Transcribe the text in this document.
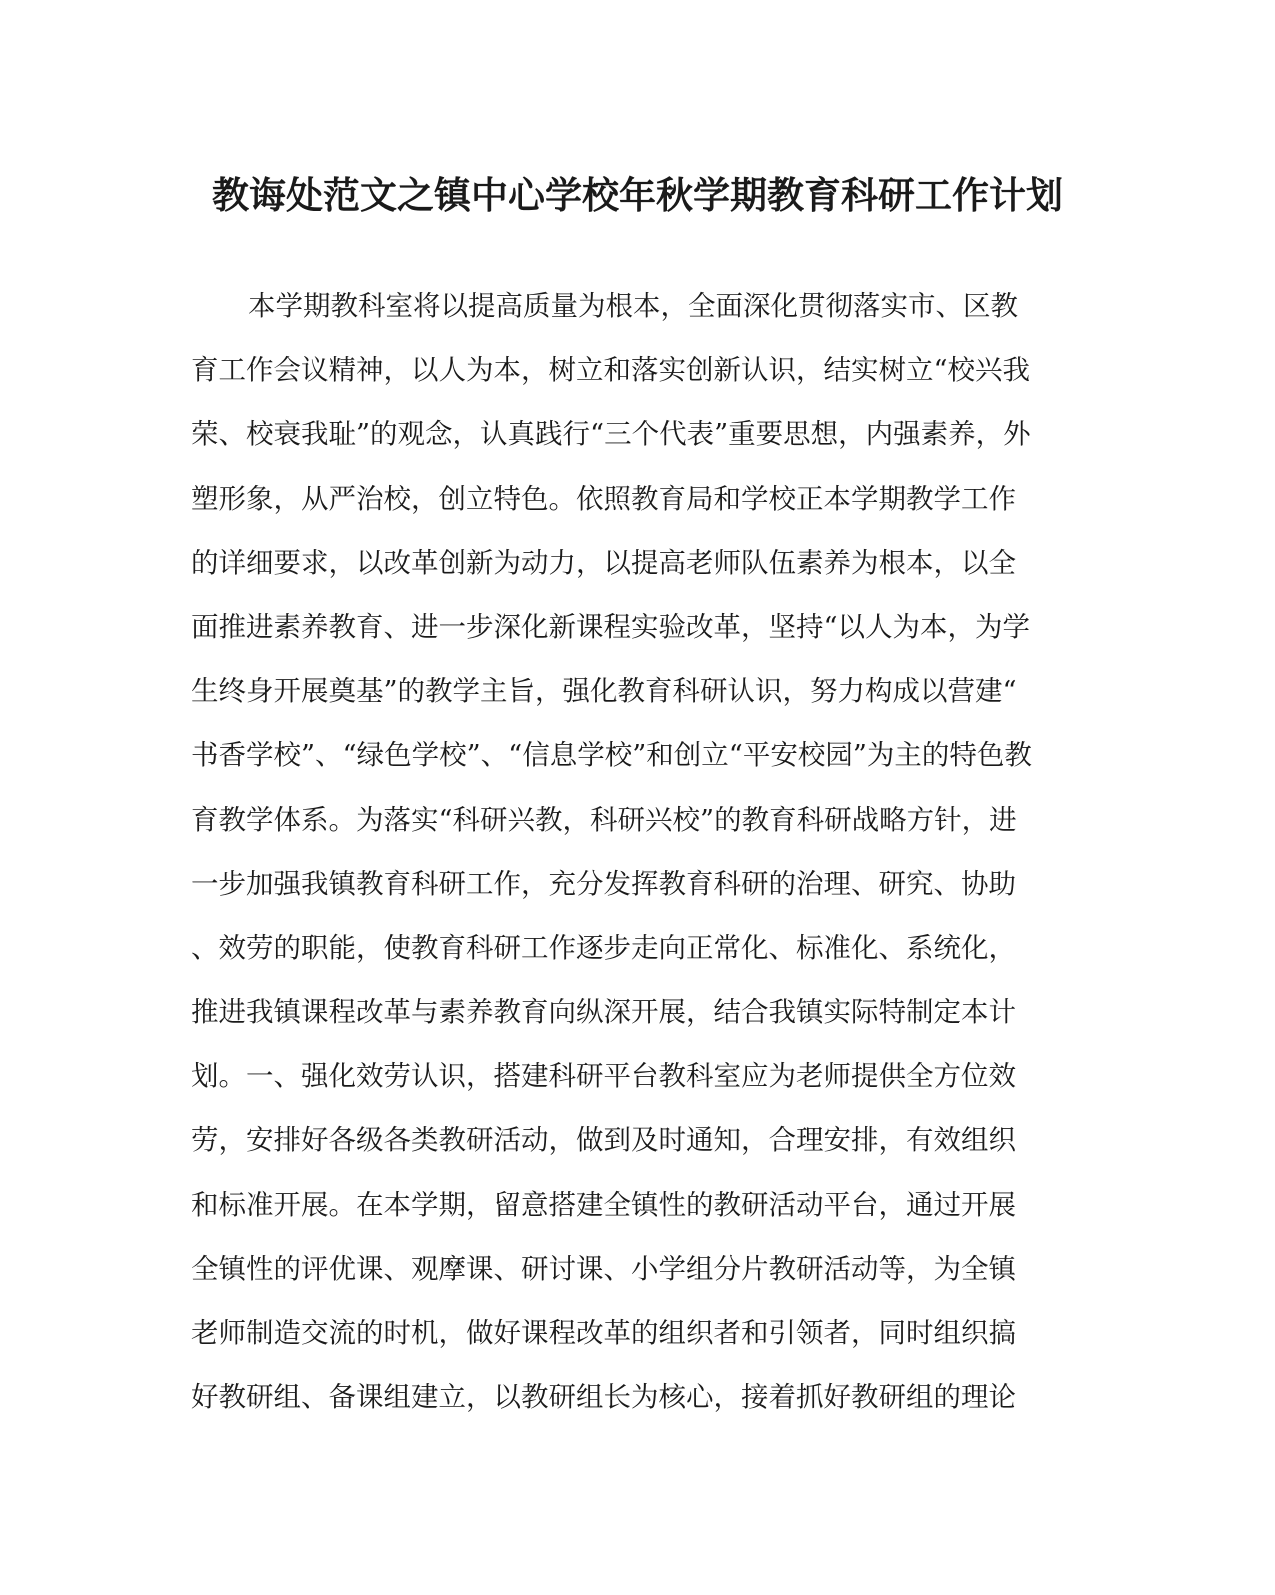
教诲处范文之镇中心学校年秋学期教育科研工作计划
本学期教科室将以提高质量为根本，全面深化贯彻落实市、区教
育工作会议精神，以人为本，树立和落实创新认识，结实树立“校兴我
荣、校衰我耻”的观念，认真践行“三个代表”重要思想，内强素养，外
塑形象，从严治校，创立特色。依照教育局和学校正本学期教学工作
的详细要求，以改革创新为动力，以提高老师队伍素养为根本，以全
面推进素养教育、进一步深化新课程实验改革，坚持“以人为本，为学
生终身开展奠基”的教学主旨，强化教育科研认识，努力构成以营建“
书香学校”、“绿色学校”、“信息学校”和创立“平安校园”为主的特色教
育教学体系。为落实“科研兴教，科研兴校”的教育科研战略方针，进
一步加强我镇教育科研工作，充分发挥教育科研的治理、研究、协助
、效劳的职能，使教育科研工作逐步走向正常化、标准化、系统化，
推进我镇课程改革与素养教育向纵深开展，结合我镇实际特制定本计
划。一、强化效劳认识，搭建科研平台教科室应为老师提供全方位效
劳，安排好各级各类教研活动，做到及时通知，合理安排，有效组织
和标准开展。在本学期，留意搭建全镇性的教研活动平台，通过开展
全镇性的评优课、观摩课、研讨课、小学组分片教研活动等，为全镇
老师制造交流的时机，做好课程改革的组织者和引领者，同时组织搞
好教研组、备课组建立，以教研组长为核心，接着抓好教研组的理论
